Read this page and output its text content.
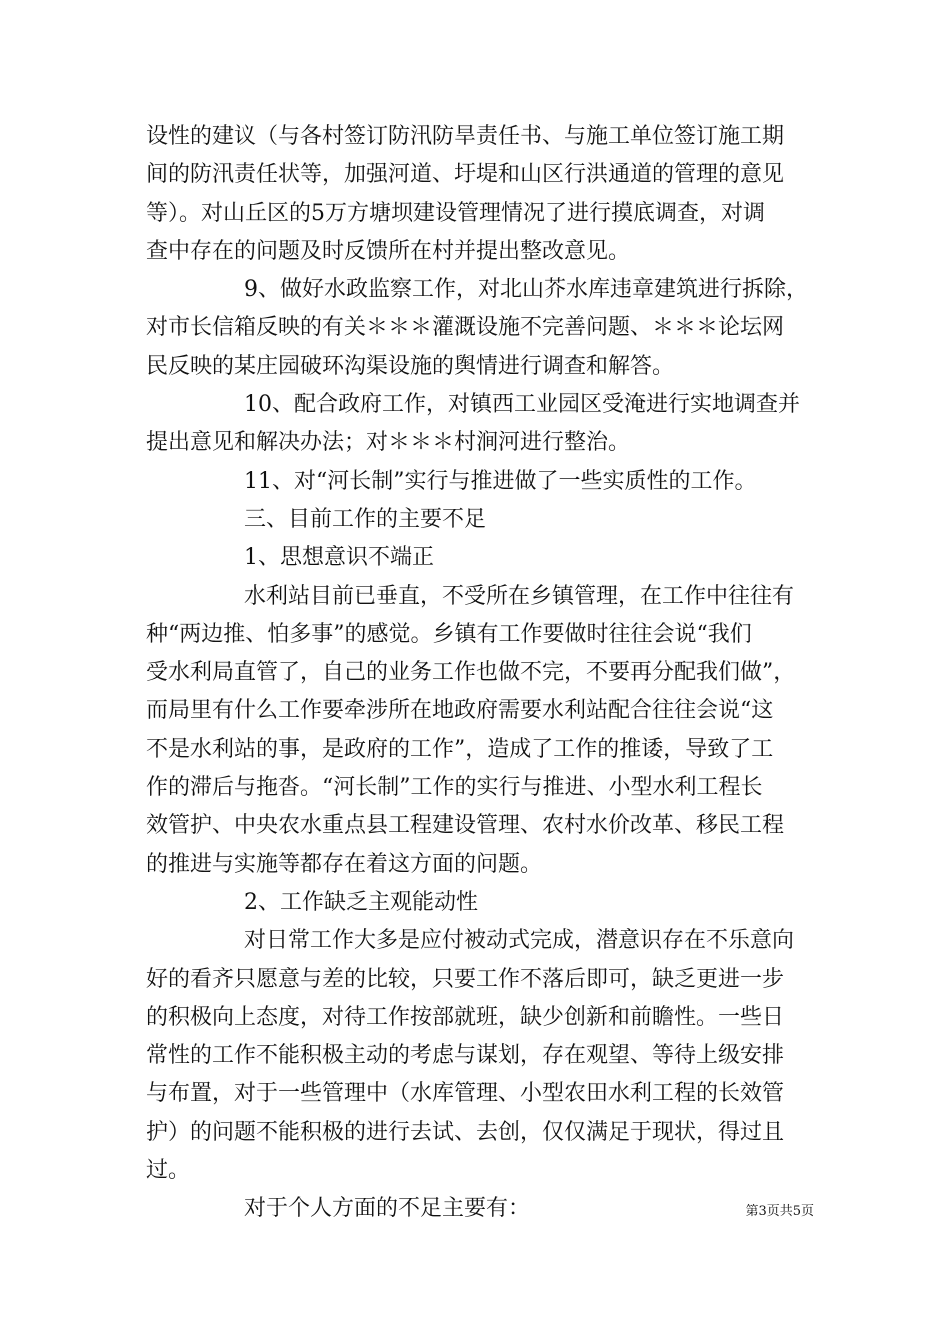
设性的建议（与各村签订防汛防旱责任书、与施工单位签订施工期
间的防汛责任状等，加强河道、圩堤和山区行洪通道的管理的意见
等）。对山丘区的5万方塘坝建设管理情况了进行摸底调查，对调
查中存在的问题及时反馈所在村并提出整改意见。
9、做好水政监察工作，对北山芥水库违章建筑进行拆除，
对市长信箱反映的有关＊＊＊灌溉设施不完善问题、＊＊＊论坛网
民反映的某庄园破环沟渠设施的舆情进行调查和解答。
10、配合政府工作，对镇西工业园区受淹进行实地调查并
提出意见和解决办法；对＊＊＊村涧河进行整治。
11、对“河长制”实行与推进做了一些实质性的工作。
三、目前工作的主要不足
1、思想意识不端正
水利站目前已垂直，不受所在乡镇管理，在工作中往往有
种“两边推、怕多事”的感觉。乡镇有工作要做时往往会说“我们
受水利局直管了，自己的业务工作也做不完，不要再分配我们做”，
而局里有什么工作要牵涉所在地政府需要水利站配合往往会说“这
不是水利站的事，是政府的工作”，造成了工作的推诿，导致了工
作的滞后与拖沓。“河长制”工作的实行与推进、小型水利工程长
效管护、中央农水重点县工程建设管理、农村水价改革、移民工程
的推进与实施等都存在着这方面的问题。
2、工作缺乏主观能动性
对日常工作大多是应付被动式完成，潜意识存在不乐意向
好的看齐只愿意与差的比较，只要工作不落后即可，缺乏更进一步
的积极向上态度，对待工作按部就班，缺少创新和前瞻性。一些日
常性的工作不能积极主动的考虑与谋划，存在观望、等待上级安排
与布置，对于一些管理中（水库管理、小型农田水利工程的长效管
护）的问题不能积极的进行去试、去创，仅仅满足于现状，得过且
过。
对于个人方面的不足主要有：	第3页共5页
